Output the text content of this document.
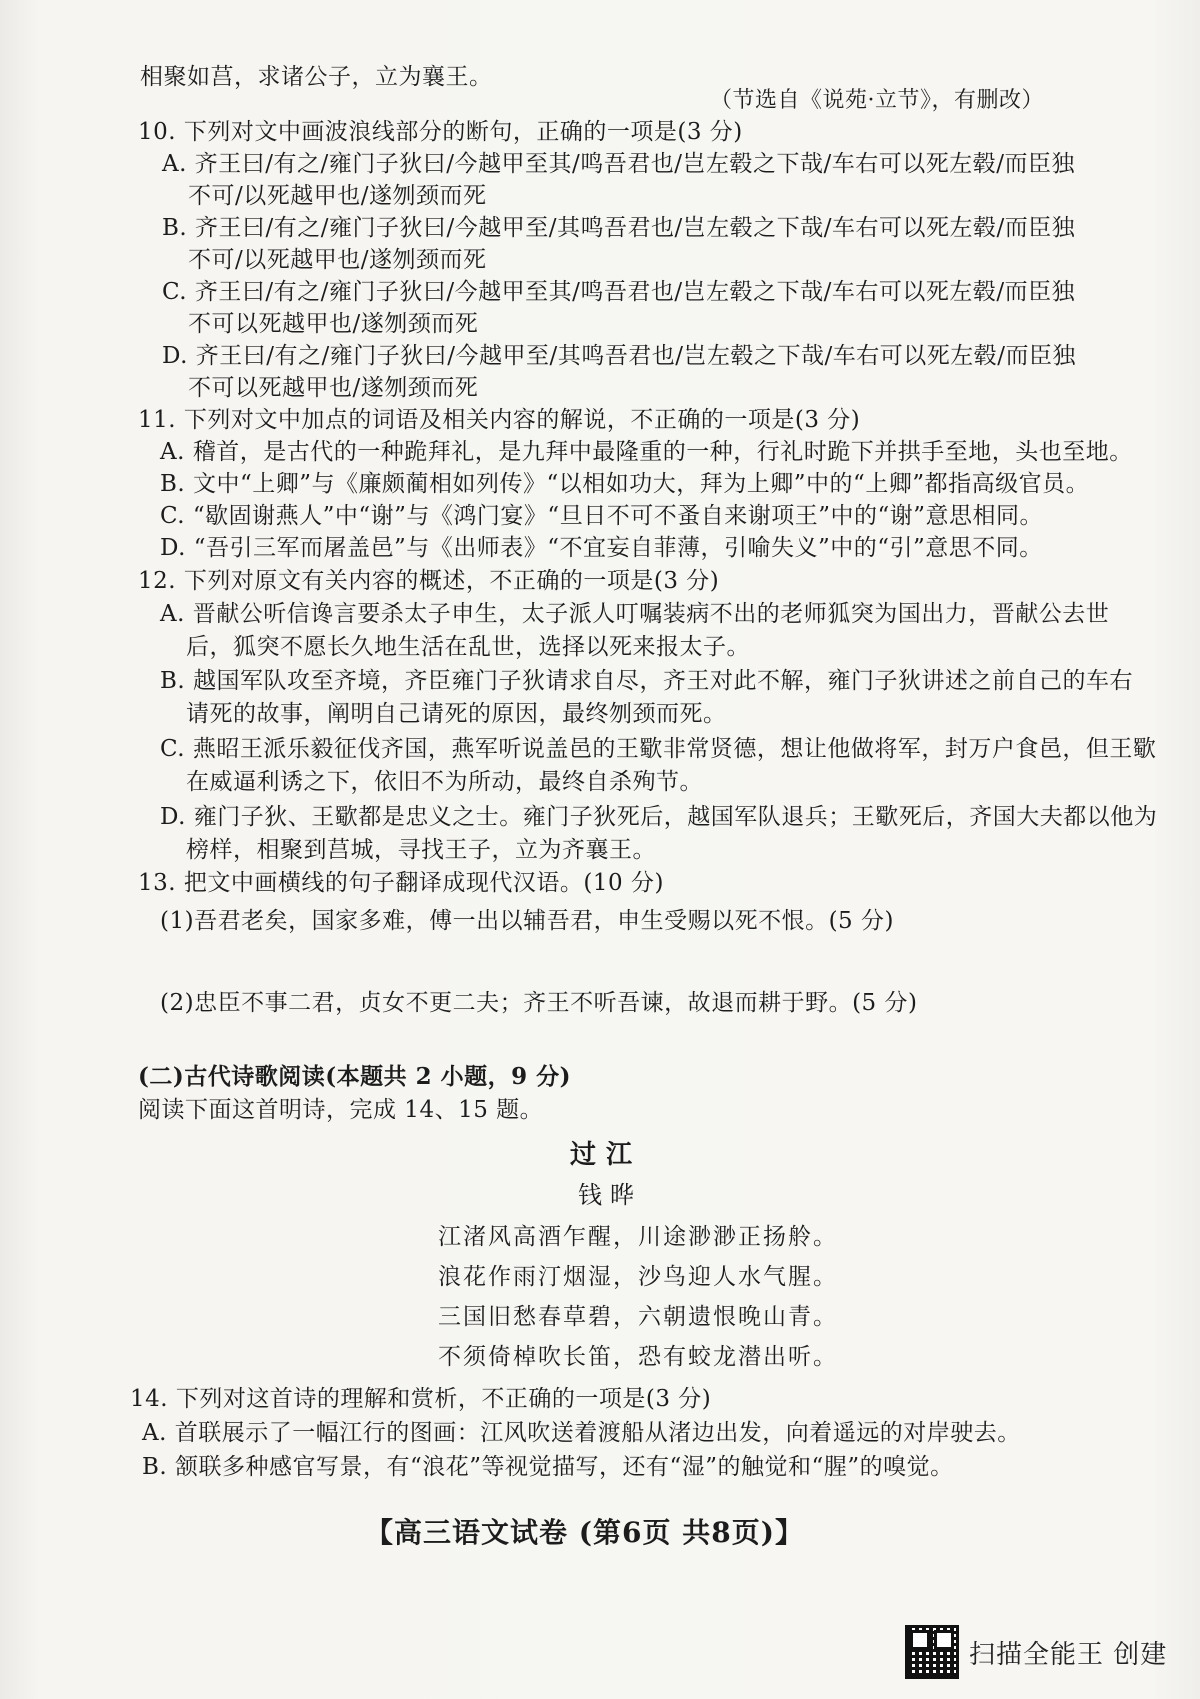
相聚如莒，求诸公子，立为襄王。
（节选自《说苑·立节》，有删改）
10. 下列对文中画波浪线部分的断句，正确的一项是(3 分)
A. 齐王曰/有之/雍门子狄曰/今越甲至其/鸣吾君也/岂左毂之下哉/车右可以死左毂/而臣独
不可/以死越甲也/遂刎颈而死
B. 齐王曰/有之/雍门子狄曰/今越甲至/其鸣吾君也/岂左毂之下哉/车右可以死左毂/而臣独
不可/以死越甲也/遂刎颈而死
C. 齐王曰/有之/雍门子狄曰/今越甲至其/鸣吾君也/岂左毂之下哉/车右可以死左毂/而臣独
不可以死越甲也/遂刎颈而死
D. 齐王曰/有之/雍门子狄曰/今越甲至/其鸣吾君也/岂左毂之下哉/车右可以死左毂/而臣独
不可以死越甲也/遂刎颈而死
11. 下列对文中加点的词语及相关内容的解说，不正确的一项是(3 分)
A. 稽首，是古代的一种跪拜礼，是九拜中最隆重的一种，行礼时跪下并拱手至地，头也至地。
B. 文中“上卿”与《廉颇蔺相如列传》“以相如功大，拜为上卿”中的“上卿”都指高级官员。
C. “歇固谢燕人”中“谢”与《鸿门宴》“旦日不可不蚤自来谢项王”中的“谢”意思相同。
D. “吾引三军而屠盖邑”与《出师表》“不宜妄自菲薄，引喻失义”中的“引”意思不同。
12. 下列对原文有关内容的概述，不正确的一项是(3 分)
A. 晋献公听信谗言要杀太子申生，太子派人叮嘱装病不出的老师狐突为国出力，晋献公去世
后，狐突不愿长久地生活在乱世，选择以死来报太子。
B. 越国军队攻至齐境，齐臣雍门子狄请求自尽，齐王对此不解，雍门子狄讲述之前自己的车右
请死的故事，阐明自己请死的原因，最终刎颈而死。
C. 燕昭王派乐毅征伐齐国，燕军听说盖邑的王歜非常贤德，想让他做将军，封万户食邑，但王歜
在威逼利诱之下，依旧不为所动，最终自杀殉节。
D. 雍门子狄、王歜都是忠义之士。雍门子狄死后，越国军队退兵；王歜死后，齐国大夫都以他为
榜样，相聚到莒城，寻找王子，立为齐襄王。
13. 把文中画横线的句子翻译成现代汉语。(10 分)
(1)吾君老矣，国家多难，傅一出以辅吾君，申生受赐以死不恨。(5 分)
(2)忠臣不事二君，贞女不更二夫；齐王不听吾谏，故退而耕于野。(5 分)
(二)古代诗歌阅读(本题共 2 小题，9 分)
阅读下面这首明诗，完成 14、15 题。
过江
钱晔
江渚风高酒乍醒，川途渺渺正扬舲。
浪花作雨汀烟湿，沙鸟迎人水气腥。
三国旧愁春草碧，六朝遗恨晚山青。
不须倚棹吹长笛，恐有蛟龙潜出听。
14. 下列对这首诗的理解和赏析，不正确的一项是(3 分)
A. 首联展示了一幅江行的图画：江风吹送着渡船从渚边出发，向着遥远的对岸驶去。
B. 颔联多种感官写景，有“浪花”等视觉描写，还有“湿”的触觉和“腥”的嗅觉。
【高三语文试卷 (第6页 共8页)】
扫描全能王 创建
